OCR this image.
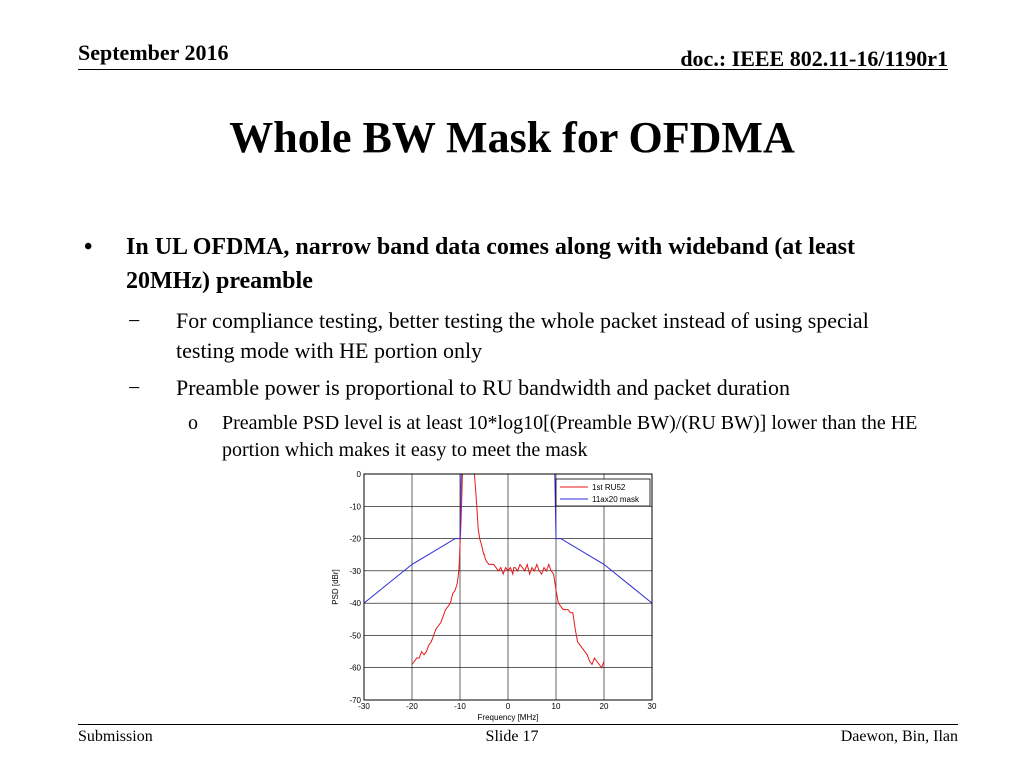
September 2016	doc.: IEEE 802.11-16/1190r1
Whole BW Mask for OFDMA
• In UL OFDMA, narrow band data comes along with wideband (at least 20MHz) preamble
− For compliance testing, better testing the whole packet instead of using special testing mode with HE portion only
− Preamble power is proportional to RU bandwidth and packet duration
o Preamble PSD level is at least 10*log10[(Preamble BW)/(RU BW)] lower than the HE portion which makes it easy to meet the mask
-30	-20	-10	0	10	20	30
0
-10
-20
-30
-40
-50
-60
-70
Frequency [MHz]
PSD [dBr]
1st RU52
11ax20 mask
Submission	Slide 17	Daewon, Bin, Ilan
